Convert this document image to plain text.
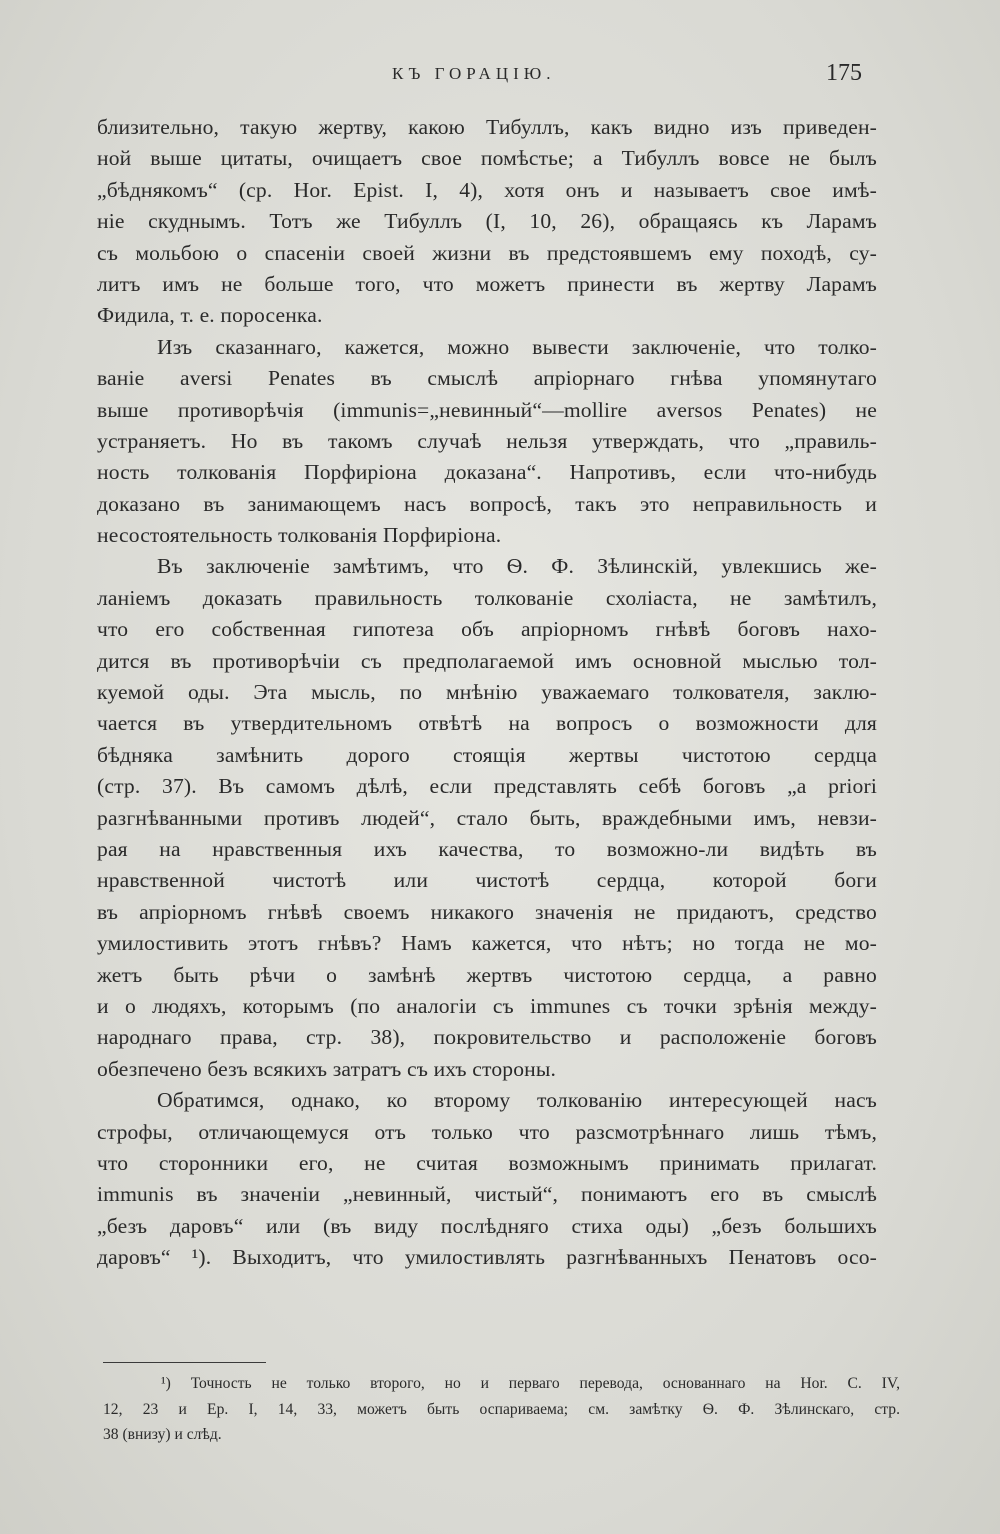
КЪ ГОРАЦІЮ.	175
близительно, такую жертву, какою Тибуллъ, какъ видно изъ приведен-
ной выше цитаты, очищаетъ свое помѣстье; а Тибуллъ вовсе не былъ
„бѣднякомъ“ (ср. Hor. Epist. I, 4), хотя онъ и называетъ свое имѣ-
ніе скуднымъ. Тотъ же Тибуллъ (I, 10, 26), обращаясь къ Ларамъ
съ мольбою о спасеніи своей жизни въ предстоявшемъ ему походѣ, су-
литъ имъ не больше того, что можетъ принести въ жертву Ларамъ
Фидила, т. е. поросенка.
Изъ сказаннаго, кажется, можно вывести заключеніе, что толко-
ваніе aversi Penates въ смыслѣ апріорнаго гнѣва упомянутаго
выше противорѣчія (immunis=„невинный“—mollire aversos Penates) не
устраняетъ. Но въ такомъ случаѣ нельзя утверждать, что „правиль-
ность толкованія Порфиріона доказана“. Напротивъ, если что-нибудь
доказано въ занимающемъ насъ вопросѣ, такъ это неправильность и
несостоятельность толкованія Порфиріона.
Въ заключеніе замѣтимъ, что Ѳ. Ф. Зѣлинскій, увлекшись же-
ланіемъ доказать правильность толкованіе схоліаста, не замѣтилъ,
что его собственная гипотеза объ апріорномъ гнѣвѣ боговъ нахо-
дится въ противорѣчіи съ предполагаемой имъ основной мыслью тол-
куемой оды. Эта мысль, по мнѣнію уважаемаго толкователя, заклю-
чается въ утвердительномъ отвѣтѣ на вопросъ о возможности для
бѣдняка замѣнить дорого стоящія жертвы чистотою сердца
(стр. 37). Въ самомъ дѣлѣ, если представлять себѣ боговъ „a priori
разгнѣванными противъ людей“, стало быть, враждебными имъ, невзи-
рая на нравственныя ихъ качества, то возможно-ли видѣть въ
нравственной чистотѣ или чистотѣ сердца, которой боги
въ апріорномъ гнѣвѣ своемъ никакого значенія не придаютъ, средство
умилостивить этотъ гнѣвъ? Намъ кажется, что нѣтъ; но тогда не мо-
жетъ быть рѣчи о замѣнѣ жертвъ чистотою сердца, а равно
и о людяхъ, которымъ (по аналогіи съ immunes съ точки зрѣнія между-
народнаго права, стр. 38), покровительство и расположеніе боговъ
обезпечено безъ всякихъ затратъ съ ихъ стороны.
Обратимся, однако, ко второму толкованію интересующей насъ
строфы, отличающемуся отъ только что разсмотрѣннаго лишь тѣмъ,
что сторонники его, не считая возможнымъ принимать прилагат.
immunis въ значеніи „невинный, чистый“, понимаютъ его въ смыслѣ
„безъ даровъ“ или (въ виду послѣдняго стиха оды) „безъ большихъ
даровъ“ ¹). Выходитъ, что умилостивлять разгнѣванныхъ Пенатовъ осо-
¹) Точность не только второго, но и перваго перевода, основаннаго на Hor. C. IV,
12, 23 и Ep. I, 14, 33, можетъ быть оспариваема; см. замѣтку Ѳ. Ф. Зѣлинскаго, стр.
38 (внизу) и слѣд.
